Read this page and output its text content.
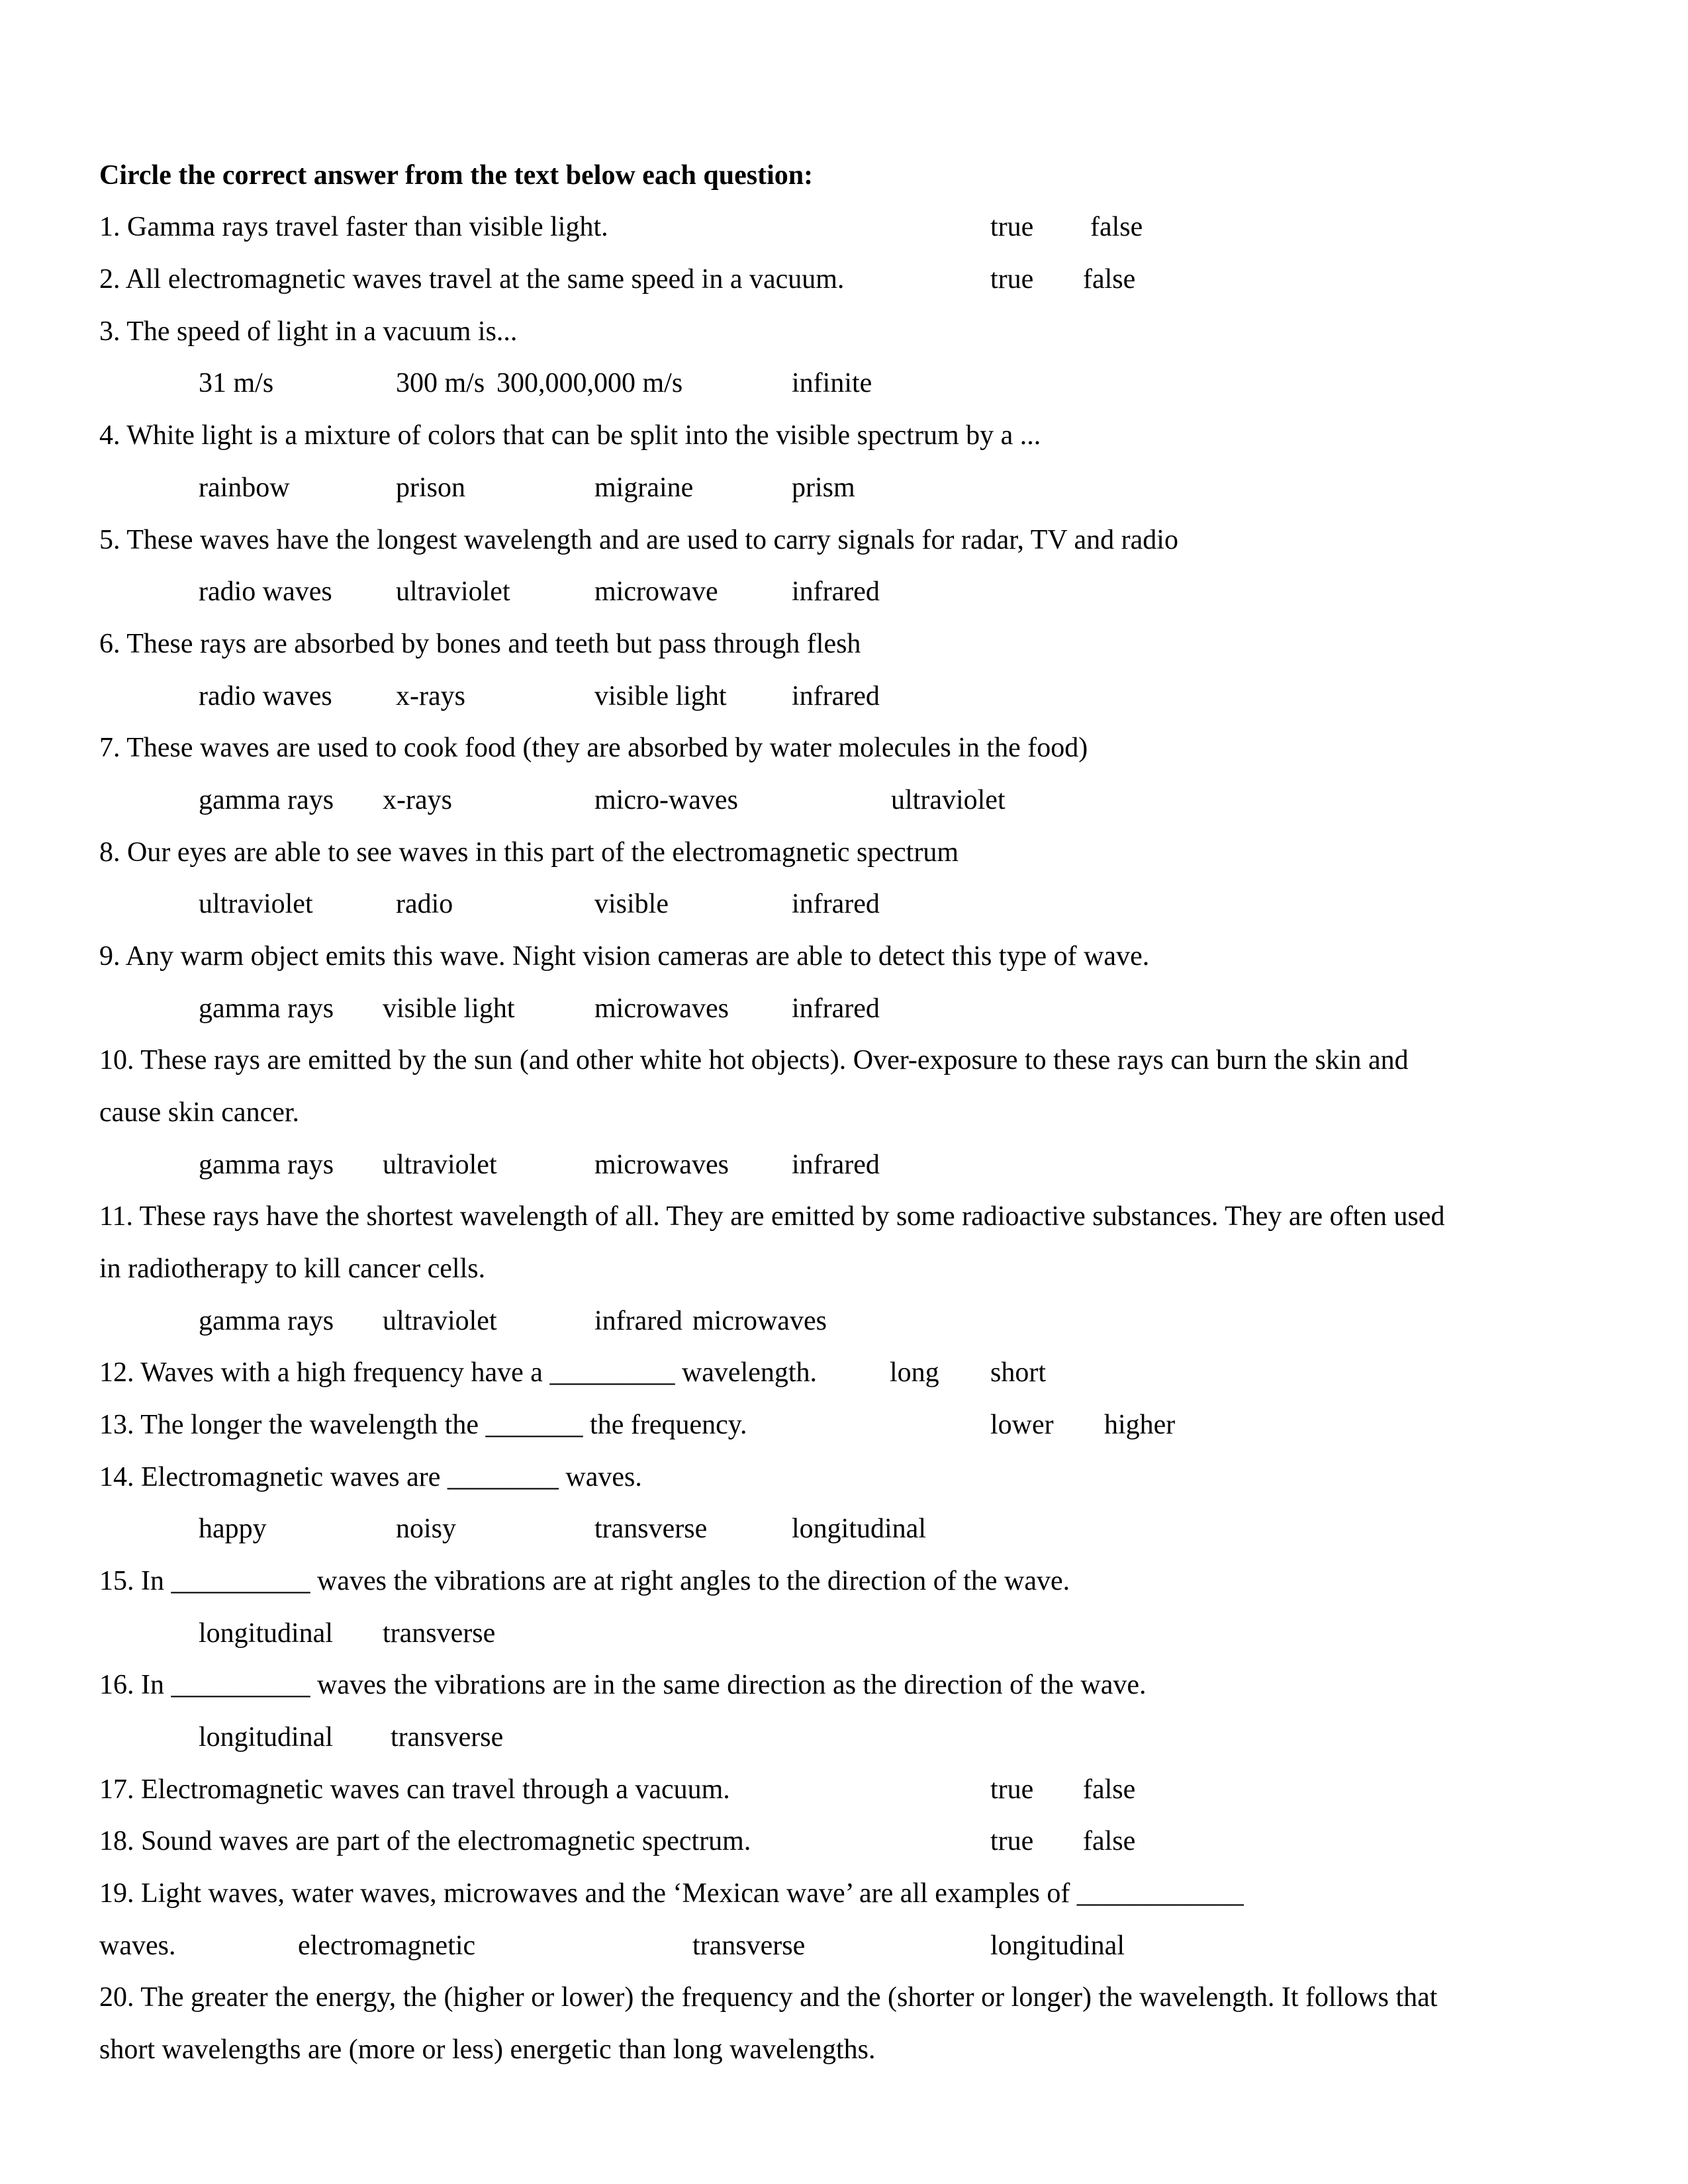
Circle the correct answer from the text below each question:
1. Gamma rays travel faster than visible light.	true false
2. All electromagnetic waves travel at the same speed in a vacuum.	true false
3. The speed of light in a vacuum is...
31 m/s	300 m/s 300,000,000 m/s	infinite
4. White light is a mixture of colors that can be split into the visible spectrum by a ...
rainbow	prison	migraine	prism
5. These waves have the longest wavelength and are used to carry signals for radar, TV and radio
radio waves ultraviolet	microwave	infrared
6. These rays are absorbed by bones and teeth but pass through flesh
radio waves x-rays	visible light infrared
7. These waves are used to cook food (they are absorbed by water molecules in the food)
gamma rays x-rays	micro-waves	ultraviolet
8. Our eyes are able to see waves in this part of the electromagnetic spectrum
ultraviolet	radio	visible	infrared
9. Any warm object emits this wave. Night vision cameras are able to detect this type of wave.
gamma rays visible light	microwaves infrared
10. These rays are emitted by the sun (and other white hot objects). Over-exposure to these rays can burn the skin and
cause skin cancer.
gamma rays ultraviolet	microwaves infrared
11. These rays have the shortest wavelength of all. They are emitted by some radioactive substances. They are often used
in radiotherapy to kill cancer cells.
gamma rays ultraviolet	infrared microwaves
12. Waves with a high frequency have a _________ wavelength.	long short
13. The longer the wavelength the _______ the frequency.	lower higher
14. Electromagnetic waves are ________ waves.
happy	noisy	transverse	longitudinal
15. In __________ waves the vibrations are at right angles to the direction of the wave.
longitudinal transverse
16. In __________ waves the vibrations are in the same direction as the direction of the wave.
longitudinal transverse
17. Electromagnetic waves can travel through a vacuum.	true false
18. Sound waves are part of the electromagnetic spectrum.	true false
19. Light waves, water waves, microwaves and the ‘Mexican wave’ are all examples of ____________
waves.	electromagnetic	transverse	longitudinal
20. The greater the energy, the (higher or lower) the frequency and the (shorter or longer) the wavelength. It follows that
short wavelengths are (more or less) energetic than long wavelengths.
